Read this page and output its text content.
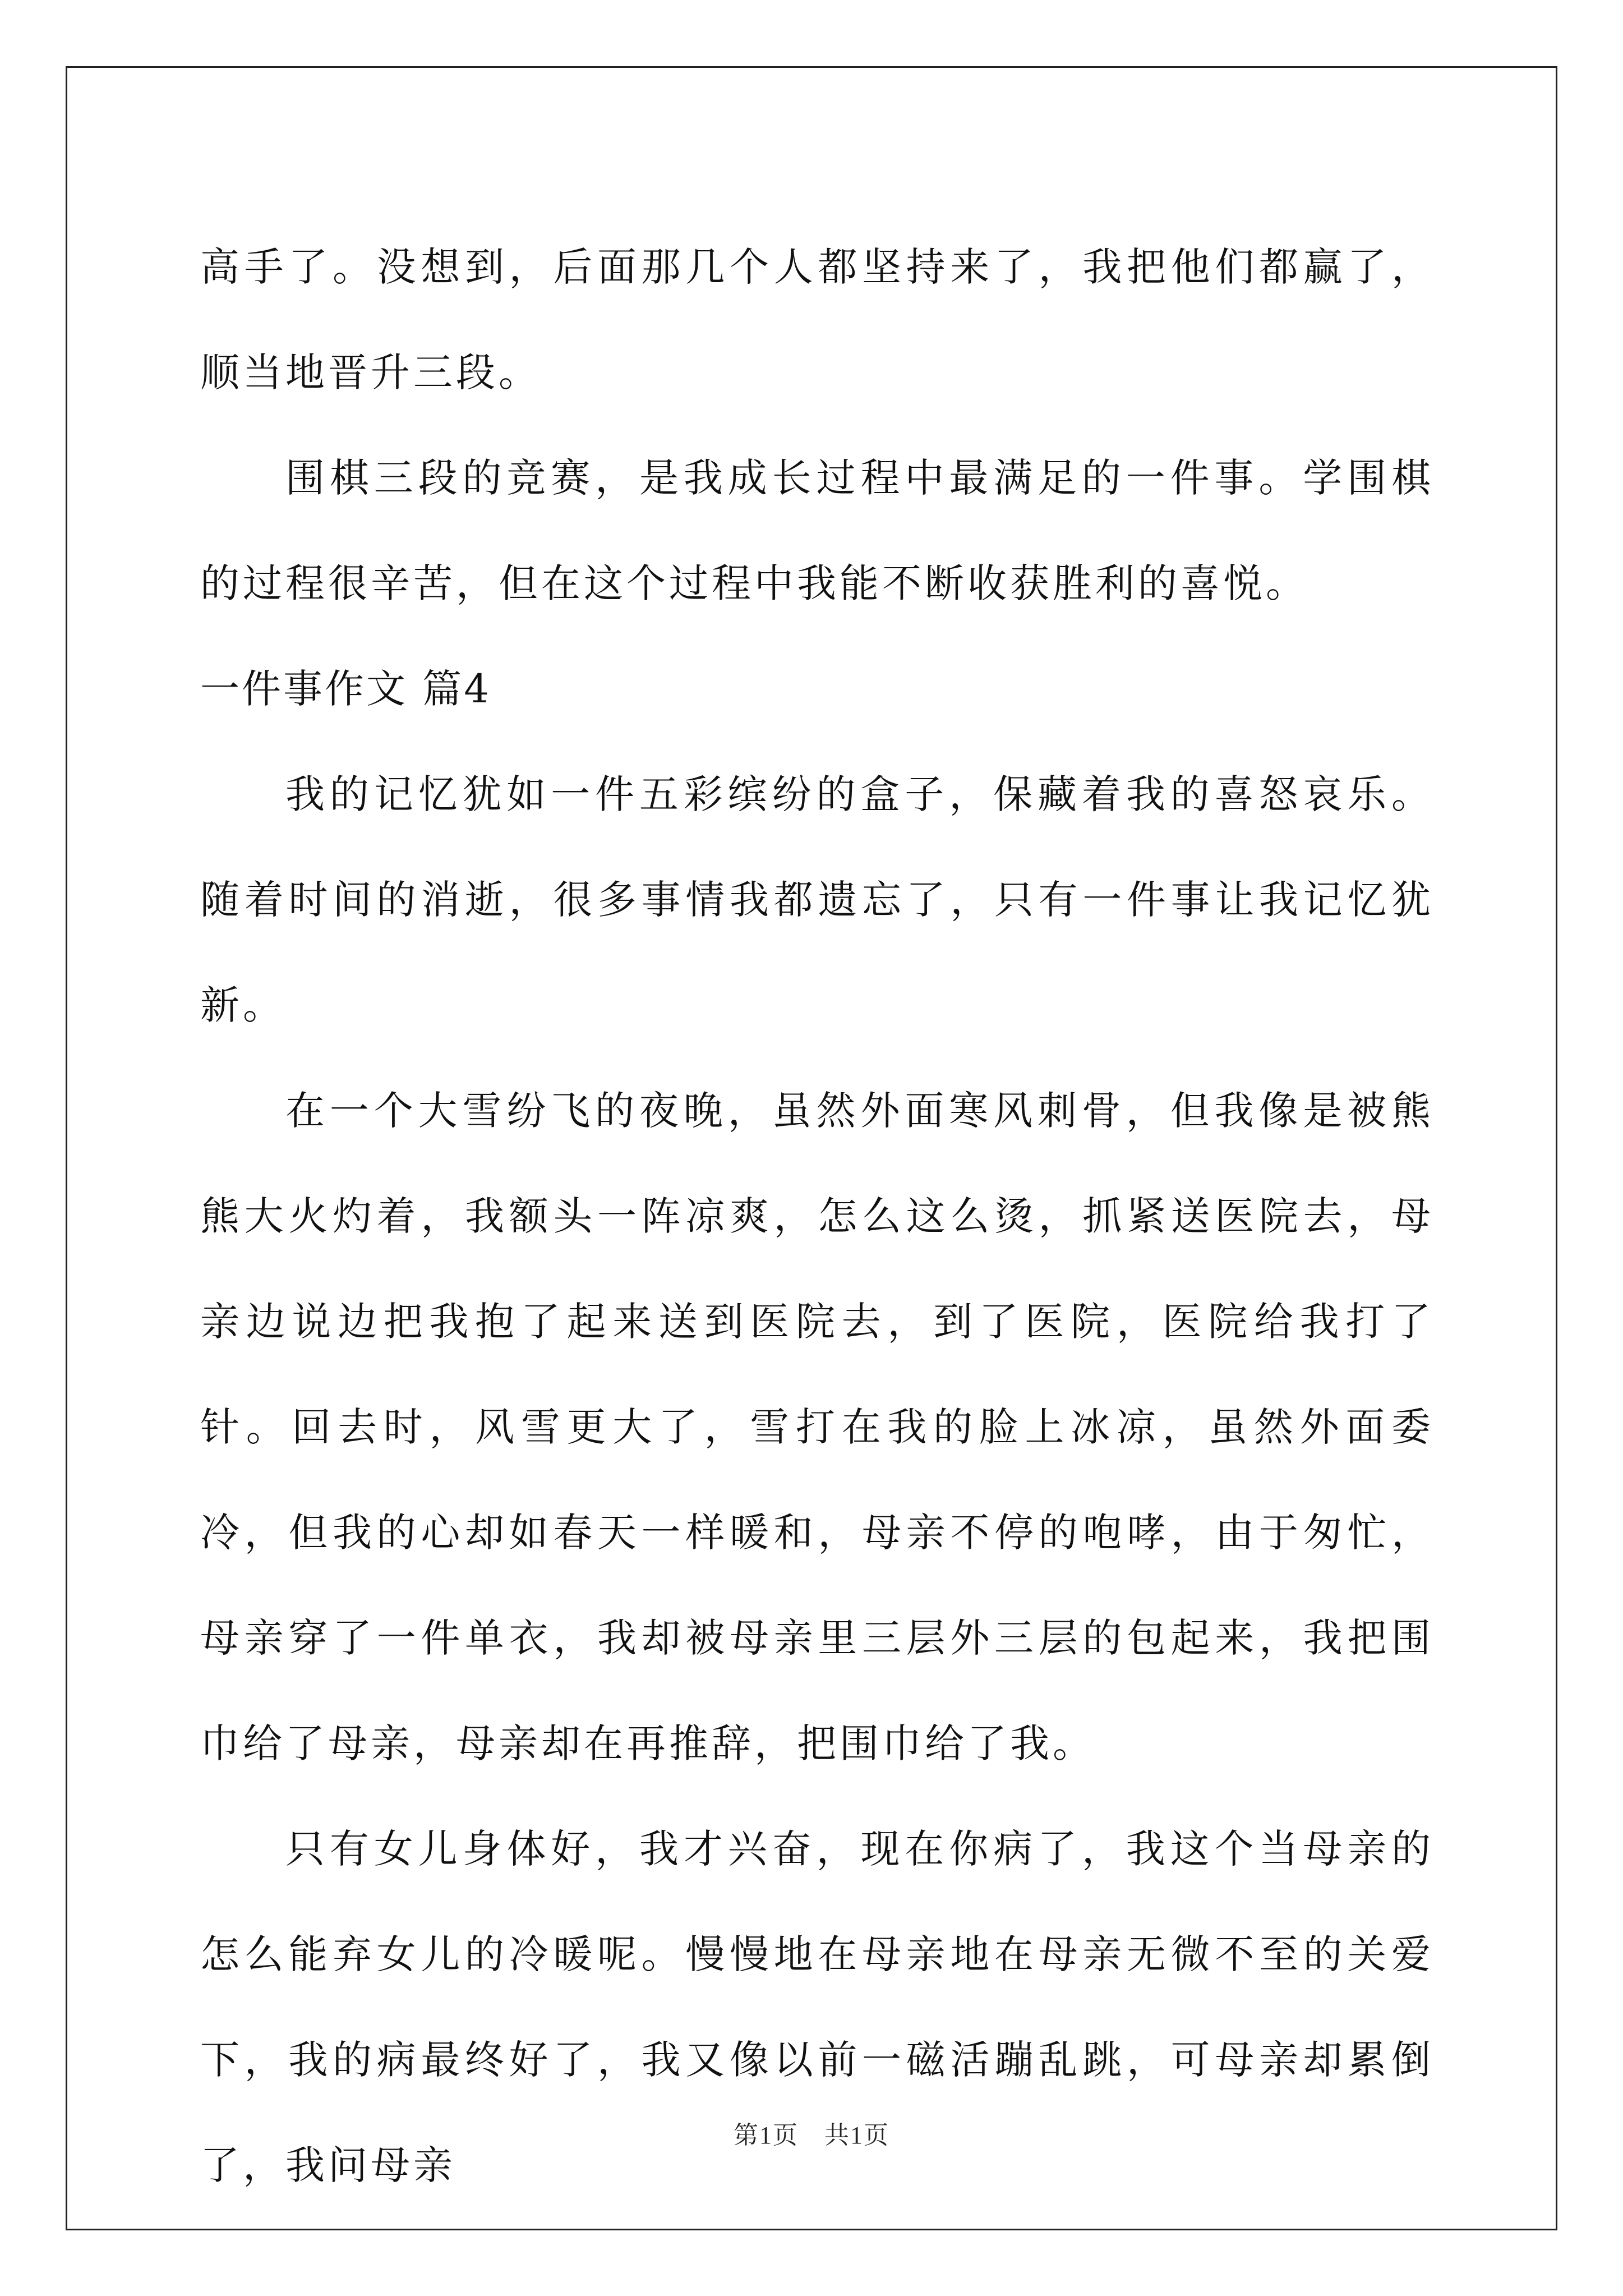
高手了。没想到，后面那几个人都坚持来了，我把他们都赢了，顺当地晋升三段。

围棋三段的竞赛，是我成长过程中最满足的一件事。学围棋的过程很辛苦，但在这个过程中我能不断收获胜利的喜悦。

一件事作文 篇4

我的记忆犹如一件五彩缤纷的盒子，保藏着我的喜怒哀乐。随着时间的消逝，很多事情我都遗忘了，只有一件事让我记忆犹新。

在一个大雪纷飞的夜晚，虽然外面寒风刺骨，但我像是被熊熊大火灼着，我额头一阵凉爽，怎么这么烫，抓紧送医院去，母亲边说边把我抱了起来送到医院去，到了医院，医院给我打了针。回去时，风雪更大了，雪打在我的脸上冰凉，虽然外面委冷，但我的心却如春天一样暖和，母亲不停的咆哮，由于匆忙，母亲穿了一件单衣，我却被母亲里三层外三层的包起来，我把围巾给了母亲，母亲却在再推辞，把围巾给了我。

只有女儿身体好，我才兴奋，现在你病了，我这个当母亲的怎么能弃女儿的冷暖呢。慢慢地在母亲地在母亲无微不至的关爱下，我的病最终好了，我又像以前一磁活蹦乱跳，可母亲却累倒了，我问母亲

第1页 共1页
